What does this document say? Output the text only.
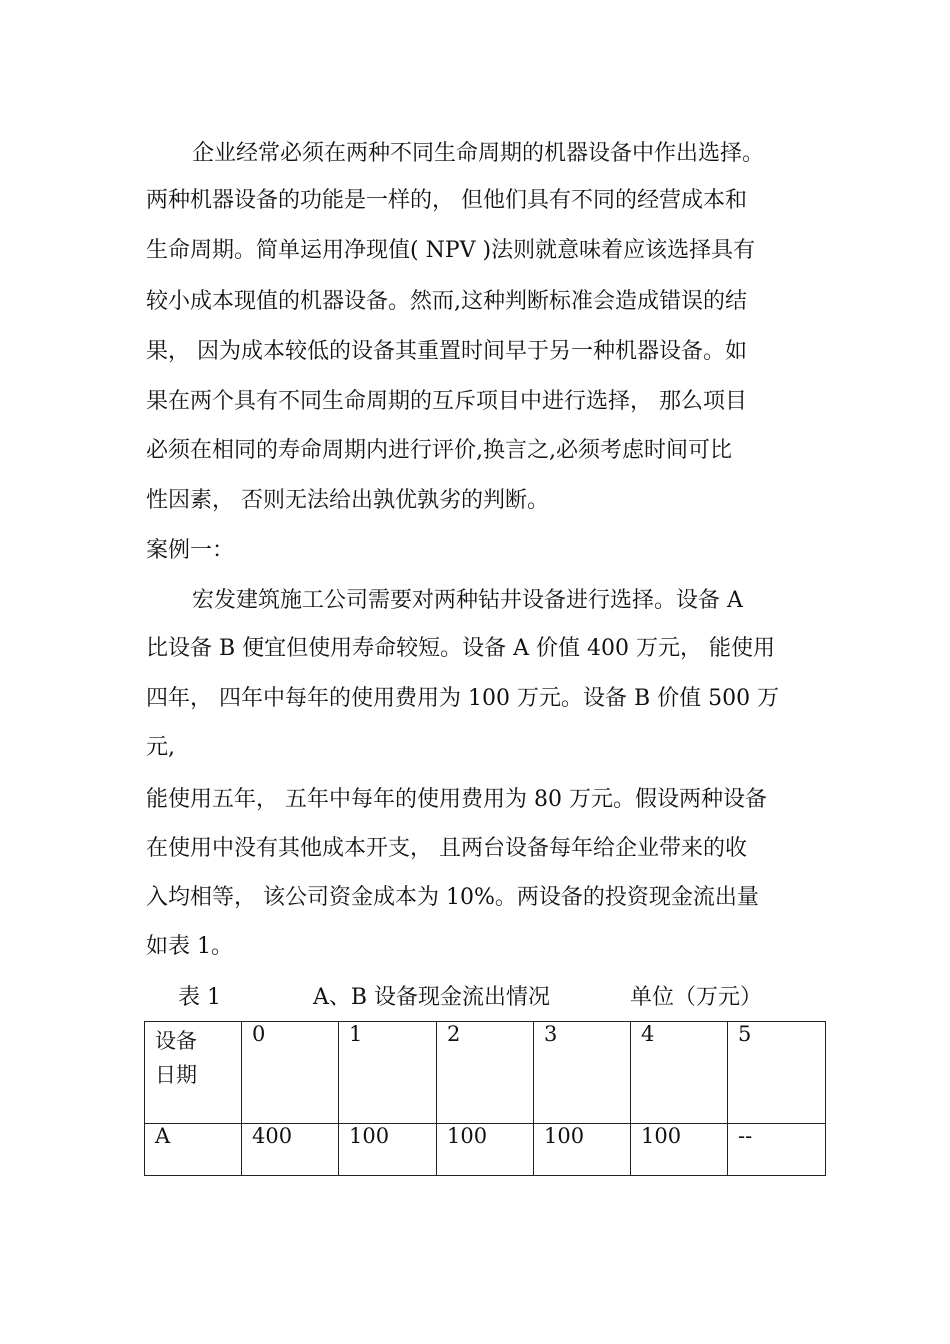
企业经常必须在两种不同生命周期的机器设备中作出选择。
两种机器设备的功能是一样的， 但他们具有不同的经营成本和
生命周期。简单运用净现值( NPV )法则就意味着应该选择具有
较小成本现值的机器设备。然而,这种判断标准会造成错误的结
果， 因为成本较低的设备其重置时间早于另一种机器设备。如
果在两个具有不同生命周期的互斥项目中进行选择， 那么项目
必须在相同的寿命周期内进行评价,换言之,必须考虑时间可比
性因素， 否则无法给出孰优孰劣的判断。
案例一：
宏发建筑施工公司需要对两种钻井设备进行选择。设备 A
比设备 B 便宜但使用寿命较短。设备 A 价值 400 万元， 能使用
四年， 四年中每年的使用费用为 100 万元。设备 B 价值 500 万
元,
能使用五年， 五年中每年的使用费用为 80 万元。假设两种设备
在使用中没有其他成本开支， 且两台设备每年给企业带来的收
入均相等， 该公司资金成本为 10%。两设备的投资现金流出量
如表 1。
表 1	A、B 设备现金流出情况	单位（万元）
设备
日期	0	1	2	3	4	5
A	400	100	100	100	100	--
